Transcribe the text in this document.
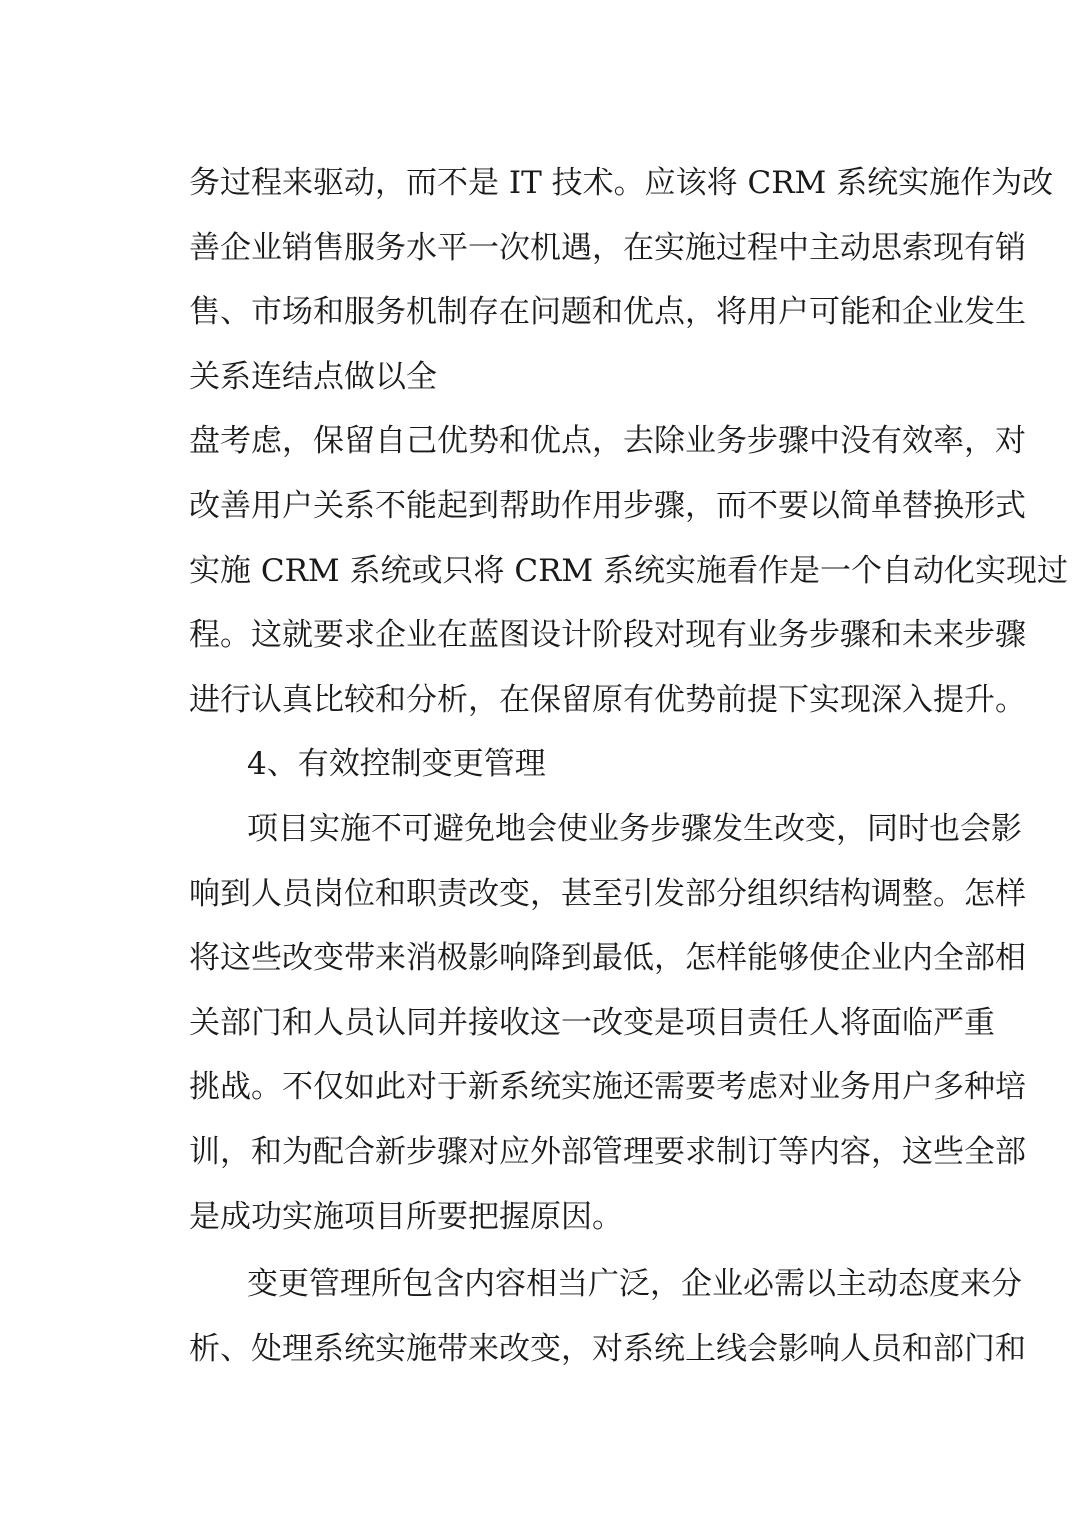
务过程来驱动，而不是 IT 技术。应该将 CRM 系统实施作为改
善企业销售服务水平一次机遇，在实施过程中主动思索现有销
售、市场和服务机制存在问题和优点，将用户可能和企业发生
关系连结点做以全
盘考虑，保留自己优势和优点，去除业务步骤中没有效率，对
改善用户关系不能起到帮助作用步骤，而不要以简单替换形式
实施 CRM 系统或只将 CRM 系统实施看作是一个自动化实现过
程。这就要求企业在蓝图设计阶段对现有业务步骤和未来步骤
进行认真比较和分析，在保留原有优势前提下实现深入提升。
4、有效控制变更管理
项目实施不可避免地会使业务步骤发生改变，同时也会影
响到人员岗位和职责改变，甚至引发部分组织结构调整。怎样
将这些改变带来消极影响降到最低，怎样能够使企业内全部相
关部门和人员认同并接收这一改变是项目责任人将面临严重
挑战。不仅如此对于新系统实施还需要考虑对业务用户多种培
训，和为配合新步骤对应外部管理要求制订等内容，这些全部
是成功实施项目所要把握原因。
变更管理所包含内容相当广泛，企业必需以主动态度来分
析、处理系统实施带来改变，对系统上线会影响人员和部门和
